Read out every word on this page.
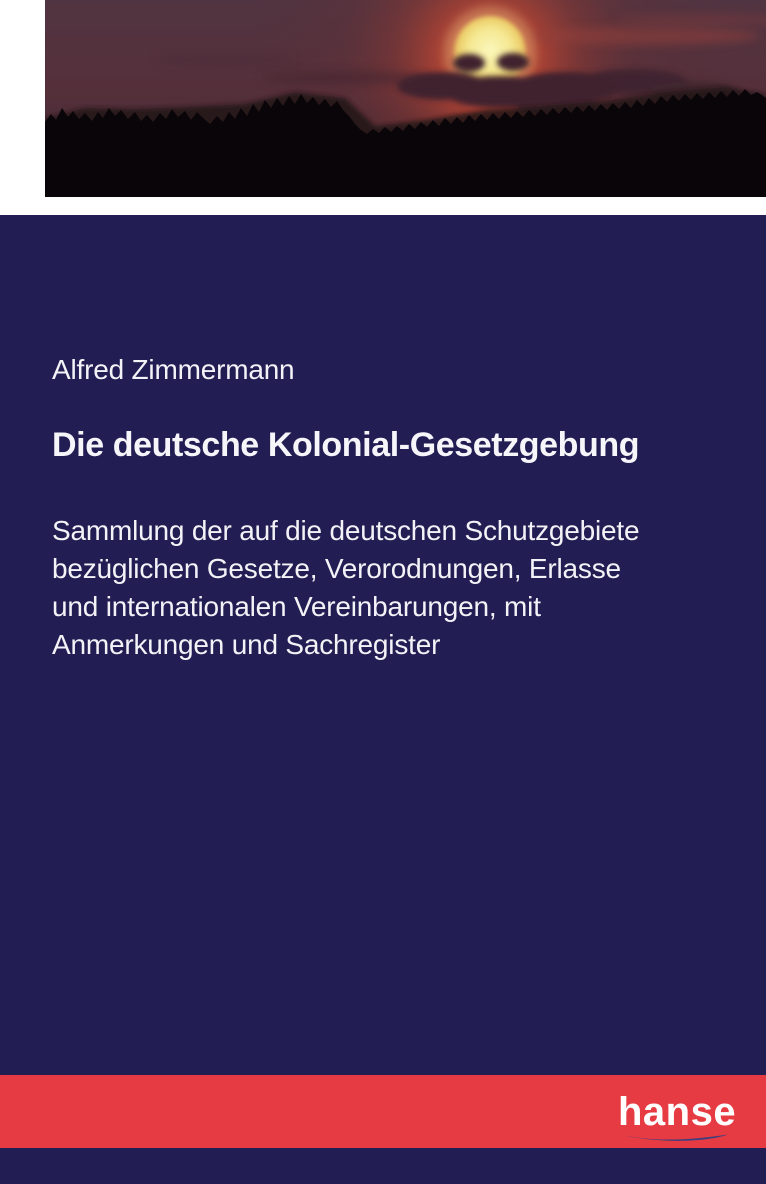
Alfred Zimmermann
Die deutsche Kolonial-Gesetzgebung
Sammlung der auf die deutschen Schutzgebiete
bezüglichen Gesetze, Verorodnungen, Erlasse
und internationalen Vereinbarungen, mit
Anmerkungen und Sachregister
hanse
